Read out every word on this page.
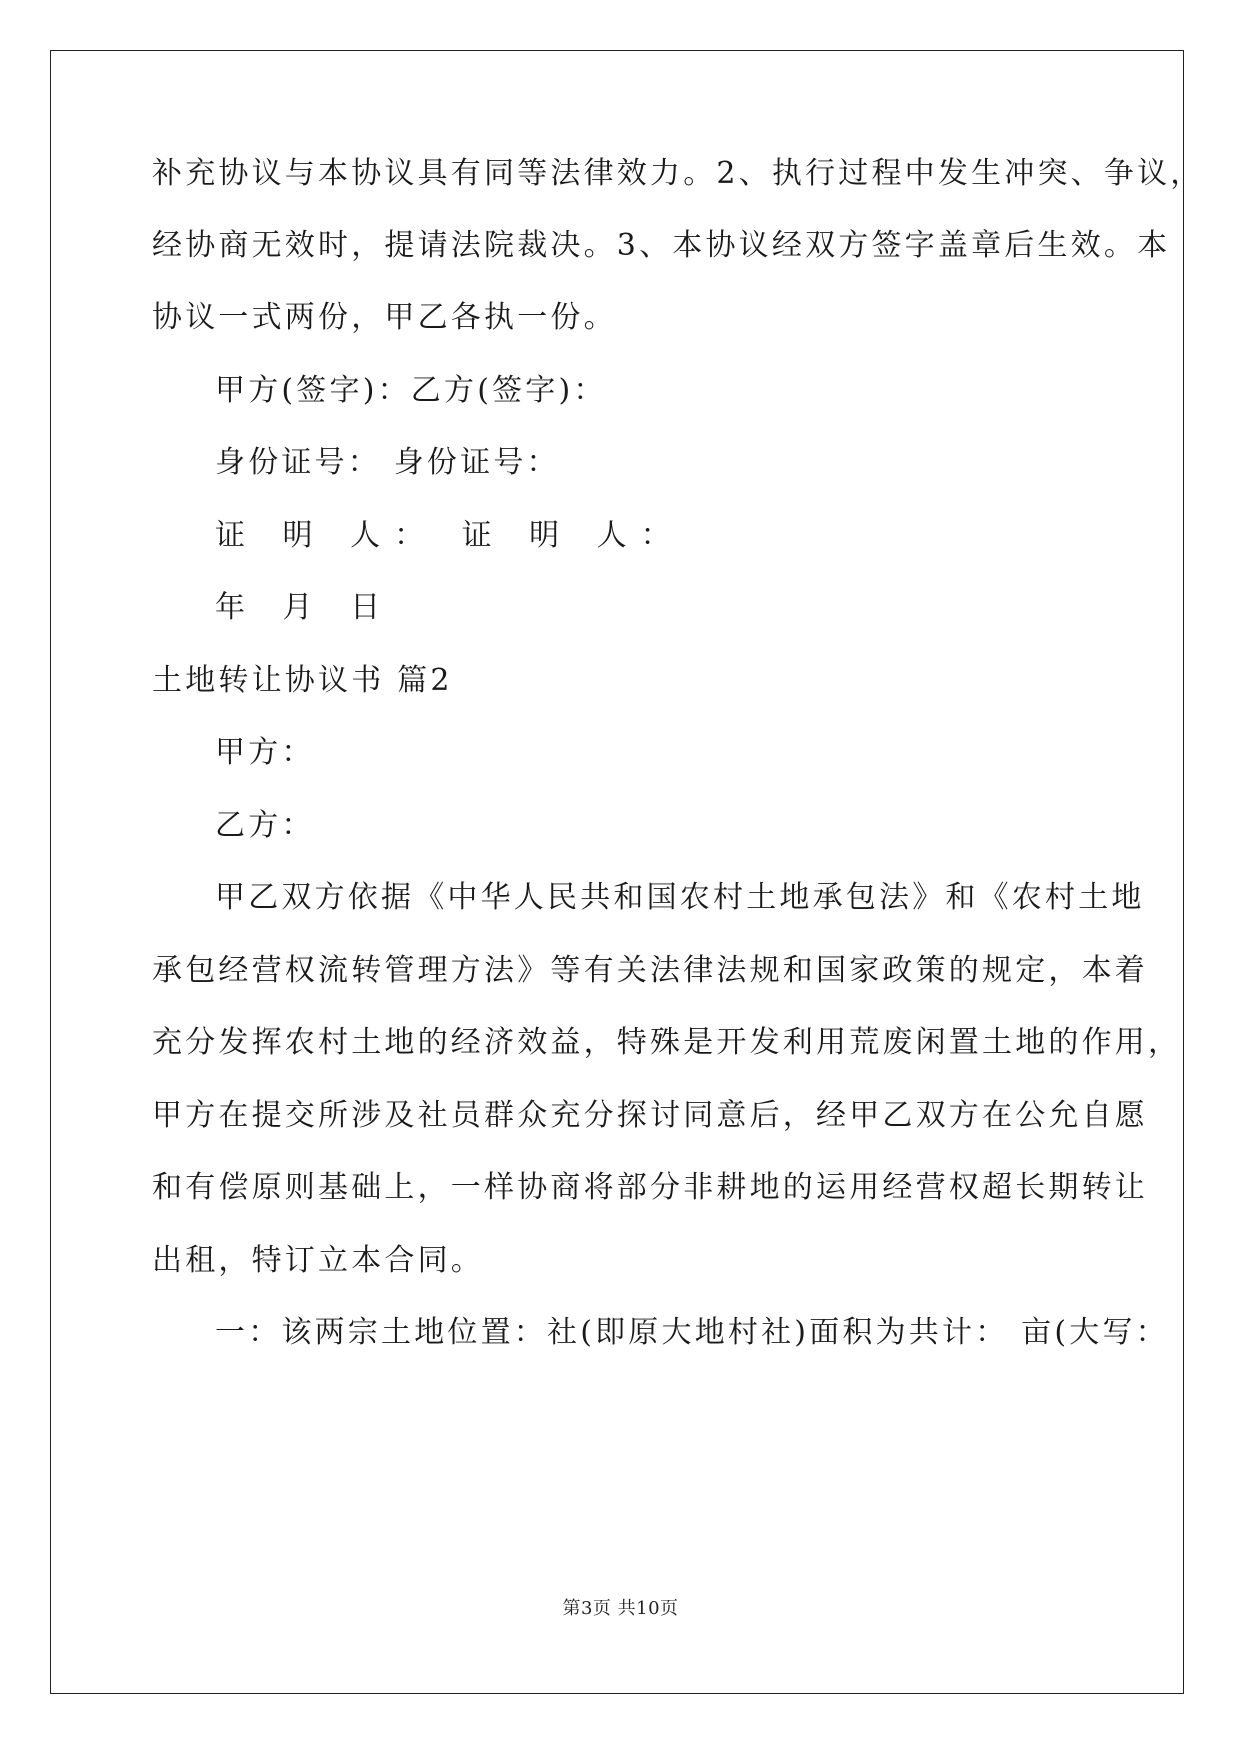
补充协议与本协议具有同等法律效力。2、执行过程中发生冲突、争议，
经协商无效时，提请法院裁决。3、本协议经双方签字盖章后生效。本
协议一式两份，甲乙各执一份。
甲方(签字)：乙方(签字)：
身份证号： 身份证号：
证 明 人： 证 明 人：
年 月 日
土地转让协议书 篇2
甲方：
乙方：
甲乙双方依据《中华人民共和国农村土地承包法》和《农村土地
承包经营权流转管理方法》等有关法律法规和国家政策的规定，本着
充分发挥农村土地的经济效益，特殊是开发利用荒废闲置土地的作用，
甲方在提交所涉及社员群众充分探讨同意后，经甲乙双方在公允自愿
和有偿原则基础上，一样协商将部分非耕地的运用经营权超长期转让
出租，特订立本合同。
一：该两宗土地位置：社(即原大地村社)面积为共计： 亩(大写：
第3页 共10页
